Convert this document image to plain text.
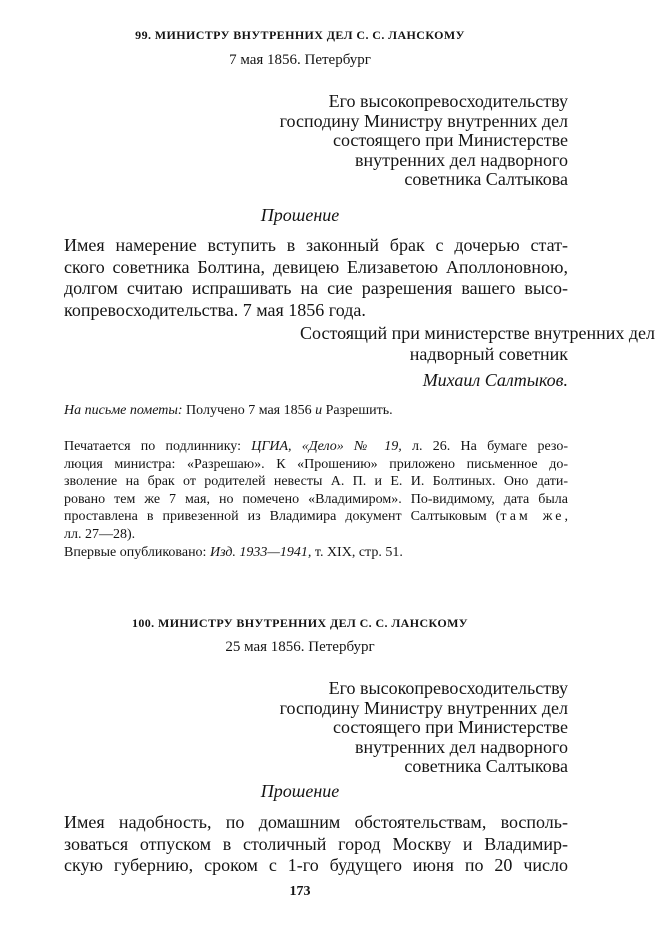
99. МИНИСТРУ ВНУТРЕННИХ ДЕЛ С. С. ЛАНСКОМУ
7 мая 1856. Петербург
Его высокопревосходительству
господину Министру внутренних дел
состоящего при Министерстве
внутренних дел надворного
советника Салтыкова
Прошение
Имея намерение вступить в законный брак с дочерью стат-
ского советника Болтина, девицею Елизаветою Аполлоновною,
долгом считаю испрашивать на сие разрешения вашего высо-
копревосходительства. 7 мая 1856 года.
Состоящий при министерстве внутренних дел
надворный советник
Михаил Салтыков.
На письме пометы: Получено 7 мая 1856 и Разрешить.
Печатается по подлиннику: ЦГИА, «Дело» № 19, л. 26. На бумаге резо-
люция министра: «Разрешаю». К «Прошению» приложено письменное до-
зволение на брак от родителей невесты А. П. и Е. И. Болтиных. Оно дати-
ровано тем же 7 мая, но помечено «Владимиром». По-видимому, дата была
проставлена в привезенной из Владимира документ Салтыковым (там же,
лл. 27—28).
Впервые опубликовано: Изд. 1933—1941, т. XIX, стр. 51.
100. МИНИСТРУ ВНУТРЕННИХ ДЕЛ С. С. ЛАНСКОМУ
25 мая 1856. Петербург
Его высокопревосходительству
господину Министру внутренних дел
состоящего при Министерстве
внутренних дел надворного
советника Салтыкова
Прошение
Имея надобность, по домашним обстоятельствам, восполь-
зоваться отпуском в столичный город Москву и Владимир-
скую губернию, сроком с 1-го будущего июня по 20 число
173
